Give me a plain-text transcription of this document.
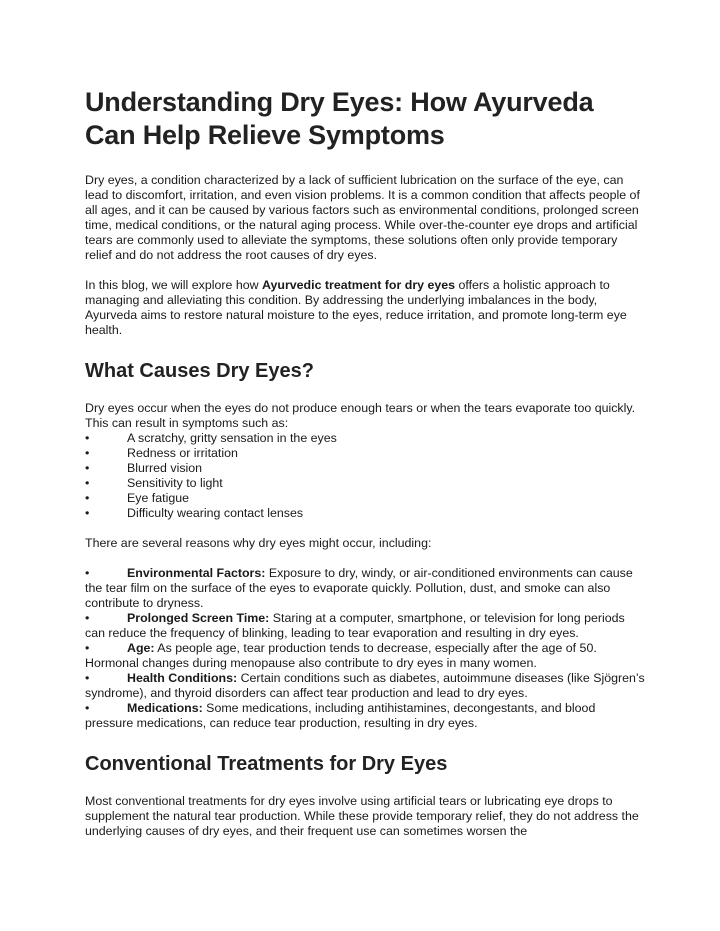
Understanding Dry Eyes: How Ayurveda Can Help Relieve Symptoms

Dry eyes, a condition characterized by a lack of sufficient lubrication on the surface of the eye, can lead to discomfort, irritation, and even vision problems. It is a common condition that affects people of all ages, and it can be caused by various factors such as environmental conditions, prolonged screen time, medical conditions, or the natural aging process. While over-the-counter eye drops and artificial tears are commonly used to alleviate the symptoms, these solutions often only provide temporary relief and do not address the root causes of dry eyes.

In this blog, we will explore how Ayurvedic treatment for dry eyes offers a holistic approach to managing and alleviating this condition. By addressing the underlying imbalances in the body, Ayurveda aims to restore natural moisture to the eyes, reduce irritation, and promote long-term eye health.

What Causes Dry Eyes?

Dry eyes occur when the eyes do not produce enough tears or when the tears evaporate too quickly. This can result in symptoms such as:

•	A scratchy, gritty sensation in the eyes
•	Redness or irritation
•	Blurred vision
•	Sensitivity to light
•	Eye fatigue
•	Difficulty wearing contact lenses

There are several reasons why dry eyes might occur, including:

•	Environmental Factors: Exposure to dry, windy, or air-conditioned environments can cause the tear film on the surface of the eyes to evaporate quickly. Pollution, dust, and smoke can also contribute to dryness.

•	Prolonged Screen Time: Staring at a computer, smartphone, or television for long periods can reduce the frequency of blinking, leading to tear evaporation and resulting in dry eyes.

•	Age: As people age, tear production tends to decrease, especially after the age of 50. Hormonal changes during menopause also contribute to dry eyes in many women.

•	Health Conditions: Certain conditions such as diabetes, autoimmune diseases (like Sjögren’s syndrome), and thyroid disorders can affect tear production and lead to dry eyes.

•	Medications: Some medications, including antihistamines, decongestants, and blood pressure medications, can reduce tear production, resulting in dry eyes.

Conventional Treatments for Dry Eyes

Most conventional treatments for dry eyes involve using artificial tears or lubricating eye drops to supplement the natural tear production. While these provide temporary relief, they do not address the underlying causes of dry eyes, and their frequent use can sometimes worsen the
